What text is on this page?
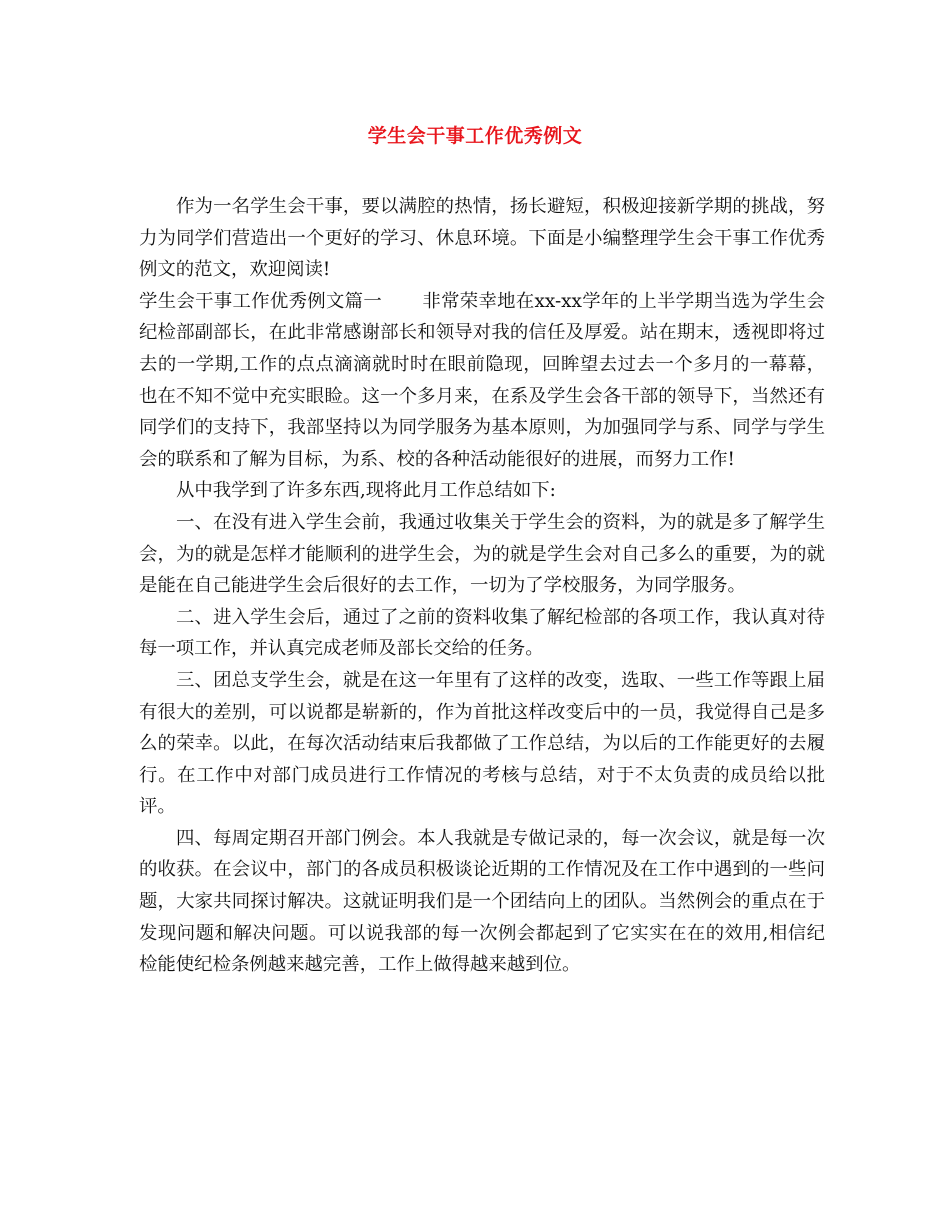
学生会干事工作优秀例文

作为一名学生会干事，要以满腔的热情，扬长避短，积极迎接新学期的挑战，努力为同学们营造出一个更好的学习、休息环境。下面是小编整理学生会干事工作优秀例文的范文，欢迎阅读!

学生会干事工作优秀例文篇一 非常荣幸地在xx-xx学年的上半学期当选为学生会纪检部副部长，在此非常感谢部长和领导对我的信任及厚爱。站在期末，透视即将过去的一学期,工作的点点滴滴就时时在眼前隐现，回眸望去过去一个多月的一幕幕，也在不知不觉中充实眼睑。这一个多月来，在系及学生会各干部的领导下，当然还有同学们的支持下，我部坚持以为同学服务为基本原则，为加强同学与系、同学与学生会的联系和了解为目标，为系、校的各种活动能很好的进展，而努力工作!

从中我学到了许多东西,现将此月工作总结如下:

一、在没有进入学生会前，我通过收集关于学生会的资料，为的就是多了解学生会，为的就是怎样才能顺利的进学生会，为的就是学生会对自己多么的重要，为的就是能在自己能进学生会后很好的去工作，一切为了学校服务，为同学服务。

二、进入学生会后，通过了之前的资料收集了解纪检部的各项工作，我认真对待每一项工作，并认真完成老师及部长交给的任务。

三、团总支学生会，就是在这一年里有了这样的改变，选取、一些工作等跟上届有很大的差别，可以说都是崭新的，作为首批这样改变后中的一员，我觉得自己是多么的荣幸。以此，在每次活动结束后我都做了工作总结，为以后的工作能更好的去履行。在工作中对部门成员进行工作情况的考核与总结，对于不太负责的成员给以批评。

四、每周定期召开部门例会。本人我就是专做记录的，每一次会议，就是每一次的收获。在会议中，部门的各成员积极谈论近期的工作情况及在工作中遇到的一些问题，大家共同探讨解决。这就证明我们是一个团结向上的团队。当然例会的重点在于发现问题和解决问题。可以说我部的每一次例会都起到了它实实在在的效用,相信纪检能使纪检条例越来越完善，工作上做得越来越到位。
